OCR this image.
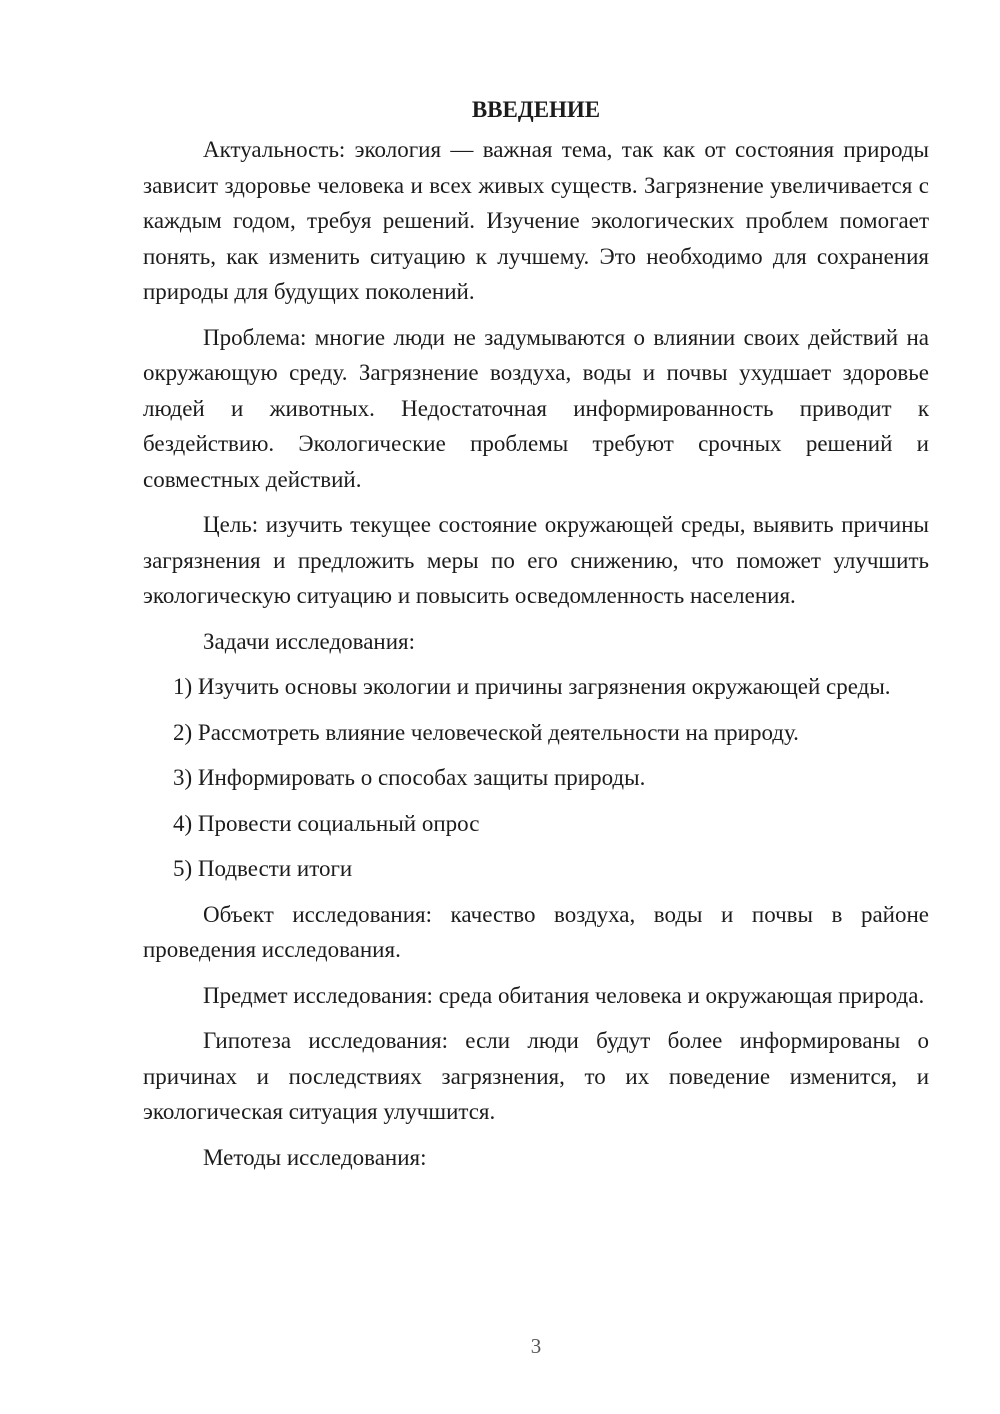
ВВЕДЕНИЕ

Актуальность: экология — важная тема, так как от состояния природы зависит здоровье человека и всех живых существ. Загрязнение увеличивается с каждым годом, требуя решений. Изучение экологических проблем помогает понять, как изменить ситуацию к лучшему. Это необходимо для сохранения природы для будущих поколений.

Проблема: многие люди не задумываются о влиянии своих действий на окружающую среду. Загрязнение воздуха, воды и почвы ухудшает здоровье людей и животных. Недостаточная информированность приводит к бездействию. Экологические проблемы требуют срочных решений и совместных действий.

Цель: изучить текущее состояние окружающей среды, выявить причины загрязнения и предложить меры по его снижению, что поможет улучшить экологическую ситуацию и повысить осведомленность населения.

Задачи исследования:

1) Изучить основы экологии и причины загрязнения окружающей среды.

2) Рассмотреть влияние человеческой деятельности на природу.

3) Информировать о способах защиты природы.

4) Провести социальный опрос

5) Подвести итоги

Объект исследования: качество воздуха, воды и почвы в районе проведения исследования.

Предмет исследования: среда обитания человека и окружающая природа.

Гипотеза исследования: если люди будут более информированы о причинах и последствиях загрязнения, то их поведение изменится, и экологическая ситуация улучшится.

Методы исследования:

3
